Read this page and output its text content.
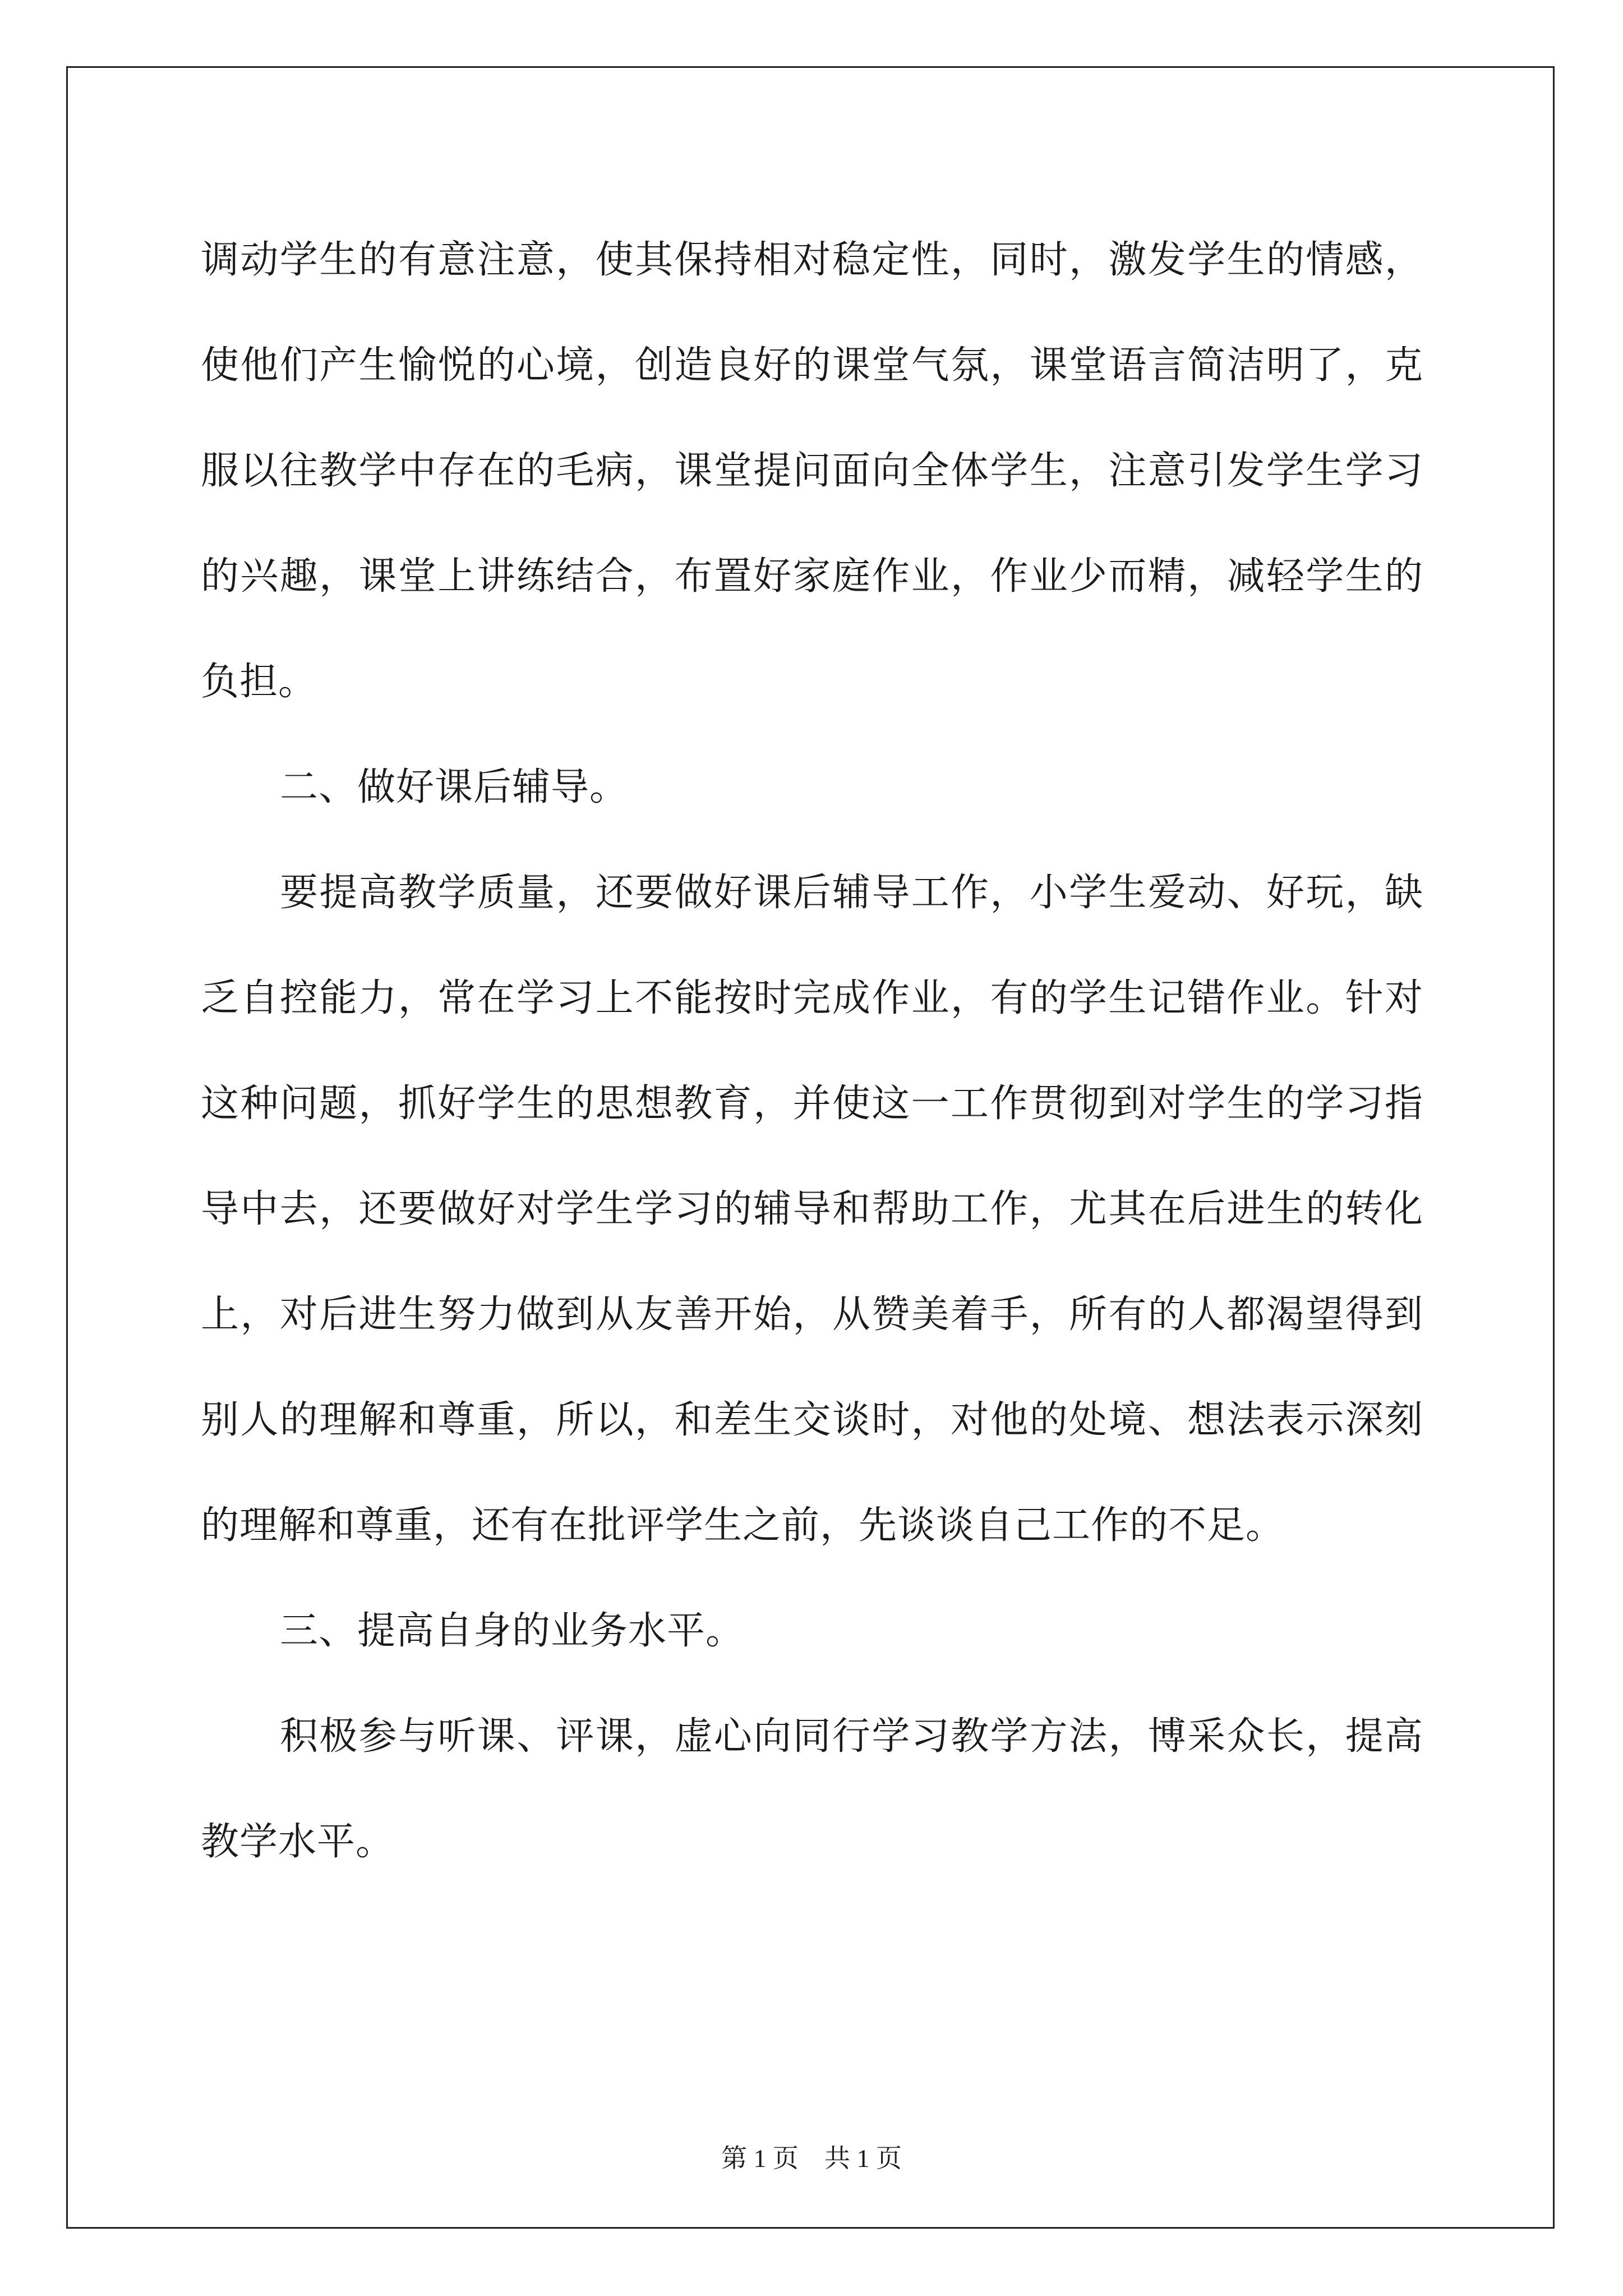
调动学生的有意注意，使其保持相对稳定性，同时，激发学生的情感，使他们产生愉悦的心境，创造良好的课堂气氛，课堂语言简洁明了，克服以往教学中存在的毛病，课堂提问面向全体学生，注意引发学生学习的兴趣，课堂上讲练结合，布置好家庭作业，作业少而精，减轻学生的负担。

二、做好课后辅导。

要提高教学质量，还要做好课后辅导工作，小学生爱动、好玩，缺乏自控能力，常在学习上不能按时完成作业，有的学生记错作业。针对这种问题，抓好学生的思想教育，并使这一工作贯彻到对学生的学习指导中去，还要做好对学生学习的辅导和帮助工作，尤其在后进生的转化上，对后进生努力做到从友善开始，从赞美着手，所有的人都渴望得到别人的理解和尊重，所以，和差生交谈时，对他的处境、想法表示深刻的理解和尊重，还有在批评学生之前，先谈谈自己工作的不足。

三、提高自身的业务水平。

积极参与听课、评课，虚心向同行学习教学方法，博采众长，提高教学水平。

第 1 页　共 1 页
